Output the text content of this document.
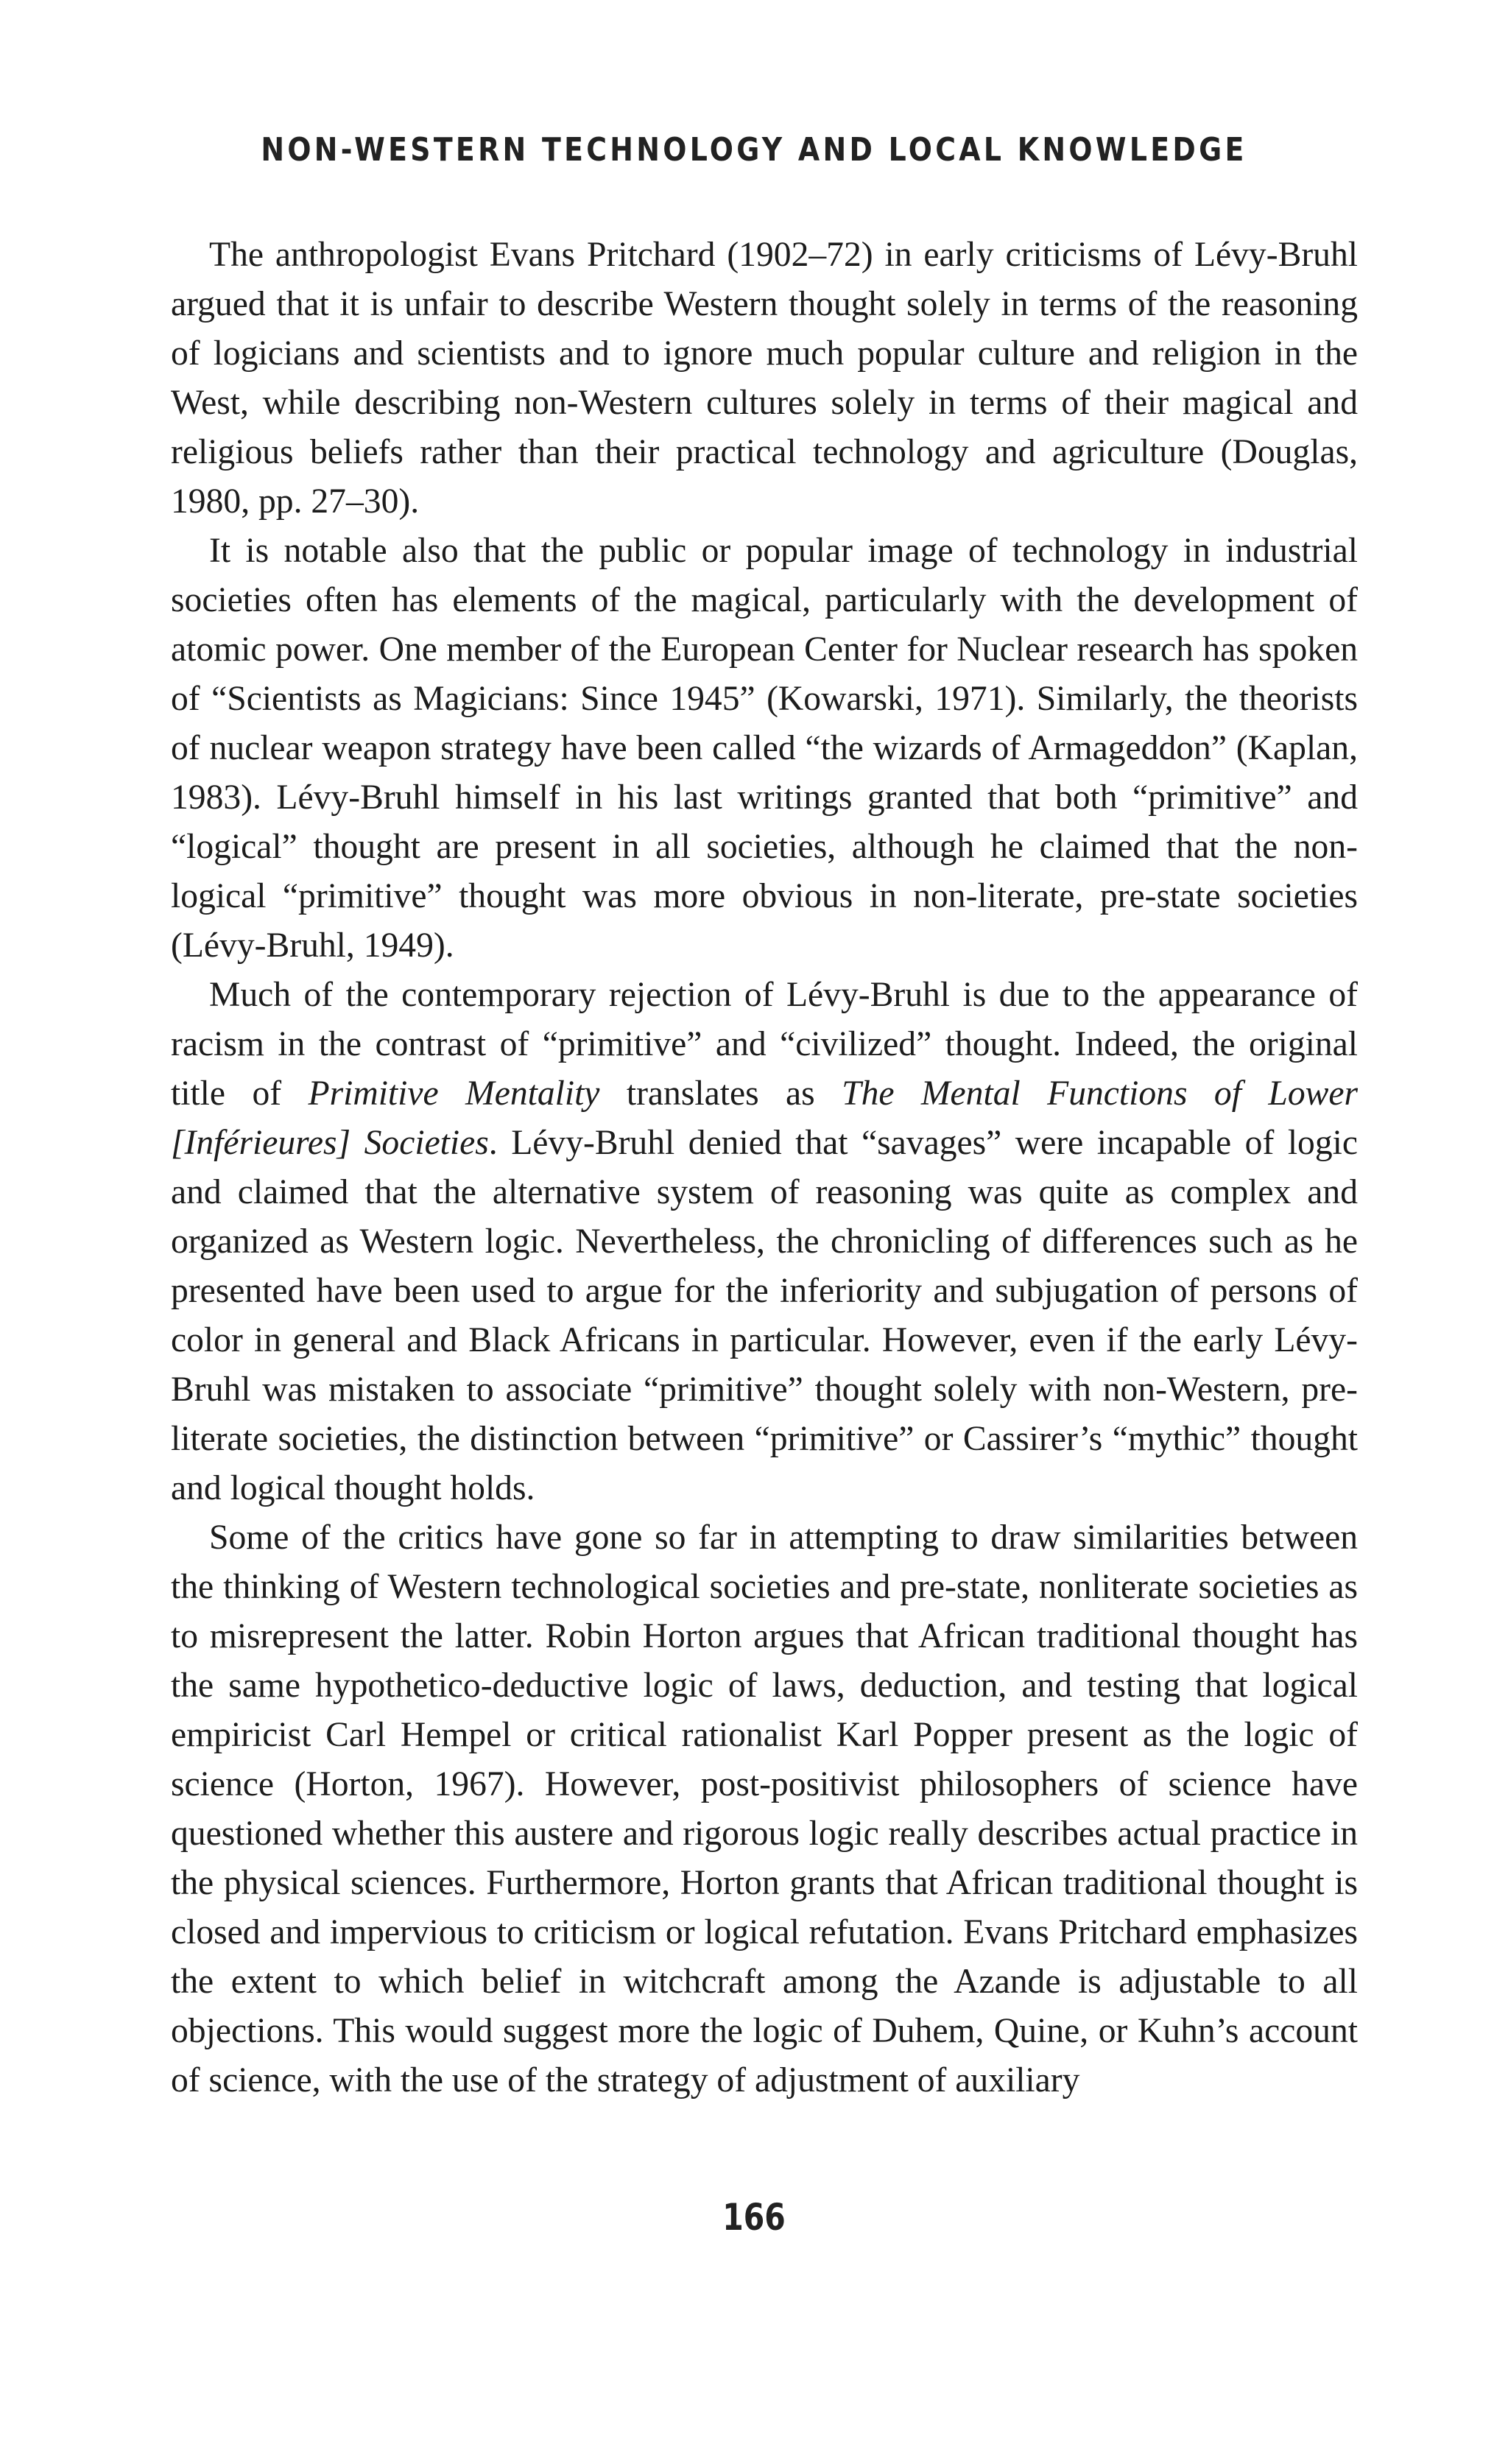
NON-WESTERN TECHNOLOGY AND LOCAL KNOWLEDGE

The anthropologist Evans Pritchard (1902–72) in early criticisms of Lévy-Bruhl argued that it is unfair to describe Western thought solely in terms of the reasoning of logicians and scientists and to ignore much popular culture and religion in the West, while describing non-Western cultures solely in terms of their magical and religious beliefs rather than their practical technology and agriculture (Douglas, 1980, pp. 27–30).

It is notable also that the public or popular image of technology in industrial societies often has elements of the magical, particularly with the development of atomic power. One member of the European Center for Nuclear research has spoken of “Scientists as Magicians: Since 1945” (Kowarski, 1971). Similarly, the theorists of nuclear weapon strategy have been called “the wizards of Armageddon” (Kaplan, 1983). Lévy-Bruhl himself in his last writings granted that both “primitive” and “logical” thought are present in all societies, although he claimed that the non-logical “primitive” thought was more obvious in non-literate, pre-state societies (Lévy-Bruhl, 1949).

Much of the contemporary rejection of Lévy-Bruhl is due to the appearance of racism in the contrast of “primitive” and “civilized” thought. Indeed, the original title of Primitive Mentality translates as The Mental Functions of Lower [Inférieures] Societies. Lévy-Bruhl denied that “savages” were incapable of logic and claimed that the alternative system of reasoning was quite as complex and organized as Western logic. Nevertheless, the chronicling of differences such as he presented have been used to argue for the inferiority and subjugation of persons of color in general and Black Africans in particular. However, even if the early Lévy-Bruhl was mistaken to associate “primitive” thought solely with non-Western, pre-literate societies, the distinction between “primitive” or Cassirer’s “mythic” thought and logical thought holds.

Some of the critics have gone so far in attempting to draw similarities between the thinking of Western technological societies and pre-state, nonliterate societies as to misrepresent the latter. Robin Horton argues that African traditional thought has the same hypothetico-deductive logic of laws, deduction, and testing that logical empiricist Carl Hempel or critical rationalist Karl Popper present as the logic of science (Horton, 1967). However, post-positivist philosophers of science have questioned whether this austere and rigorous logic really describes actual practice in the physical sciences. Furthermore, Horton grants that African traditional thought is closed and impervious to criticism or logical refutation. Evans Pritchard emphasizes the extent to which belief in witchcraft among the Azande is adjustable to all objections. This would suggest more the logic of Duhem, Quine, or Kuhn’s account of science, with the use of the strategy of adjustment of auxiliary

166
